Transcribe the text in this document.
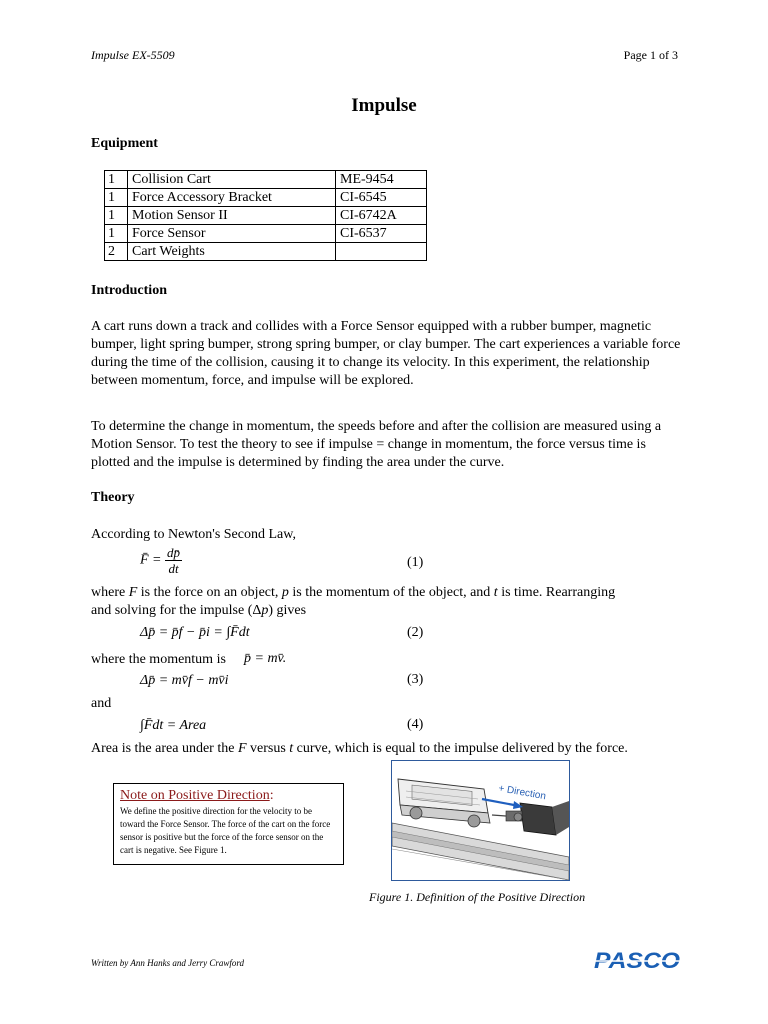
Impulse EX-5509	Page 1 of 3
Impulse
Equipment
1	Collision Cart	ME-9454
1	Force Accessory Bracket	CI-6545
1	Motion Sensor II	CI-6742A
1	Force Sensor	CI-6537
2	Cart Weights	
Introduction
A cart runs down a track and collides with a Force Sensor equipped with a rubber bumper, magnetic bumper, light spring bumper, strong spring bumper, or clay bumper. The cart experiences a variable force during the time of the collision, causing it to change its velocity. In this experiment, the relationship between momentum, force, and impulse will be explored.
To determine the change in momentum, the speeds before and after the collision are measured using a Motion Sensor. To test the theory to see if impulse = change in momentum, the force versus time is plotted and the impulse is determined by finding the area under the curve.
Theory
According to Newton's Second Law,
F̄ = $\frac{dp̄}{dt}$	(1)
where F is the force on an object, p is the momentum of the object, and t is time. Rearranging
and solving for the impulse (Δp) gives
Δp̄ = p̄f − p̄i = ∫F̄dt	(2)
where the momentum is p̄ = mv̄.
Δp̄ = mv̄f − mv̄i	(3)
and
∫F̄dt = Area	(4)
Area is the area under the F versus t curve, which is equal to the impulse delivered by the force.
Note on Positive Direction:
We define the positive direction for the velocity to be toward the Force Sensor. The force of the cart on the force sensor is positive but the force of the force sensor on the cart is negative. See Figure 1.
+ Direction
Figure 1. Definition of the Positive Direction
Written by Ann Hanks and Jerry Crawford	PASCO
